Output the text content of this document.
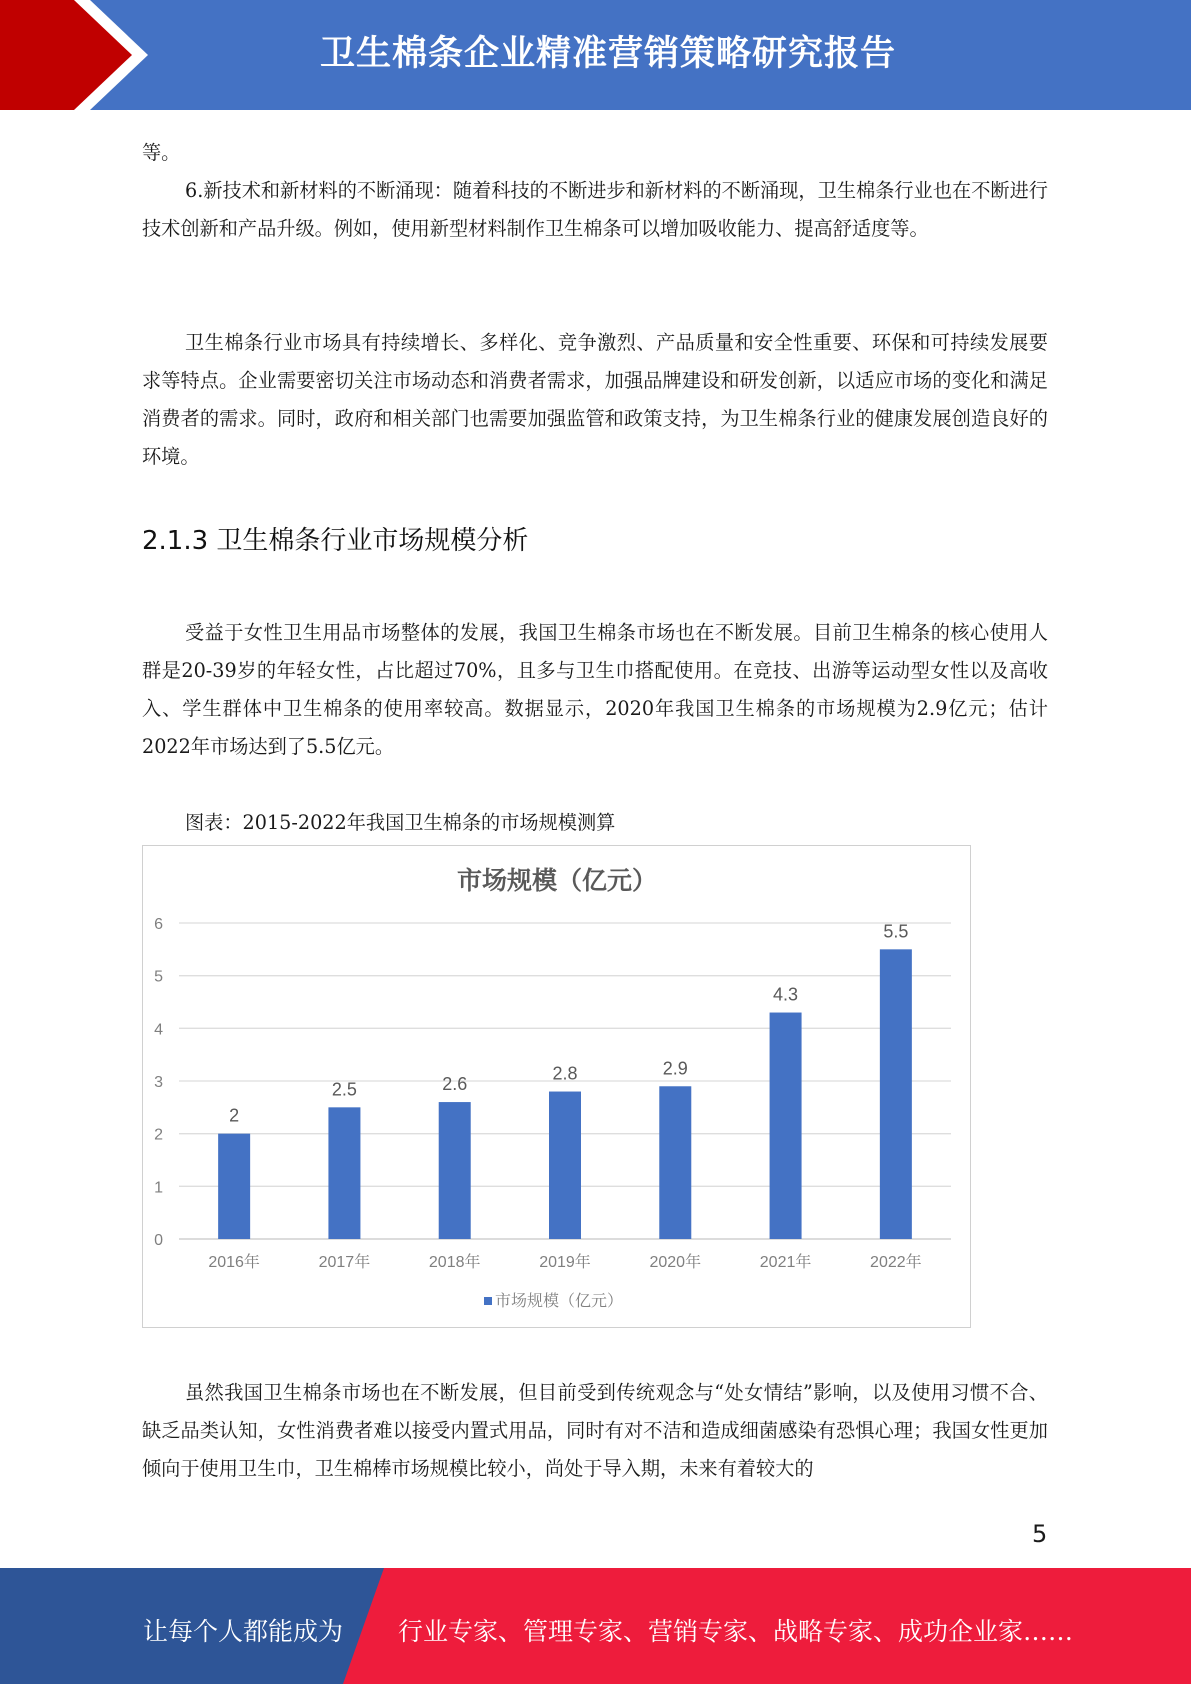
卫生棉条企业精准营销策略研究报告

等。

6.新技术和新材料的不断涌现：随着科技的不断进步和新材料的不断涌现，卫生棉条行业也在不断进行技术创新和产品升级。例如，使用新型材料制作卫生棉条可以增加吸收能力、提高舒适度等。

卫生棉条行业市场具有持续增长、多样化、竞争激烈、产品质量和安全性重要、环保和可持续发展要求等特点。企业需要密切关注市场动态和消费者需求，加强品牌建设和研发创新，以适应市场的变化和满足消费者的需求。同时，政府和相关部门也需要加强监管和政策支持，为卫生棉条行业的健康发展创造良好的环境。

2.1.3 卫生棉条行业市场规模分析

受益于女性卫生用品市场整体的发展，我国卫生棉条市场也在不断发展。目前卫生棉条的核心使用人群是20-39岁的年轻女性，占比超过70%，且多与卫生巾搭配使用。在竞技、出游等运动型女性以及高收入、学生群体中卫生棉条的使用率较高。数据显示，2020年我国卫生棉条的市场规模为2.9亿元；估计2022年市场达到了5.5亿元。

图表：2015-2022年我国卫生棉条的市场规模测算

市场规模（亿元）
0
1
2
3
4
5
6
2
2016年
2.5
2017年
2.6
2018年
2.8
2019年
2.9
2020年
4.3
2021年
5.5
2022年
市场规模（亿元）

虽然我国卫生棉条市场也在不断发展，但目前受到传统观念与“处女情结”影响，以及使用习惯不合、缺乏品类认知，女性消费者难以接受内置式用品，同时有对不洁和造成细菌感染有恐惧心理；我国女性更加倾向于使用卫生巾，卫生棉棒市场规模比较小，尚处于导入期，未来有着较大的

5
让每个人都能成为 行业专家、管理专家、营销专家、战略专家、成功企业家……
